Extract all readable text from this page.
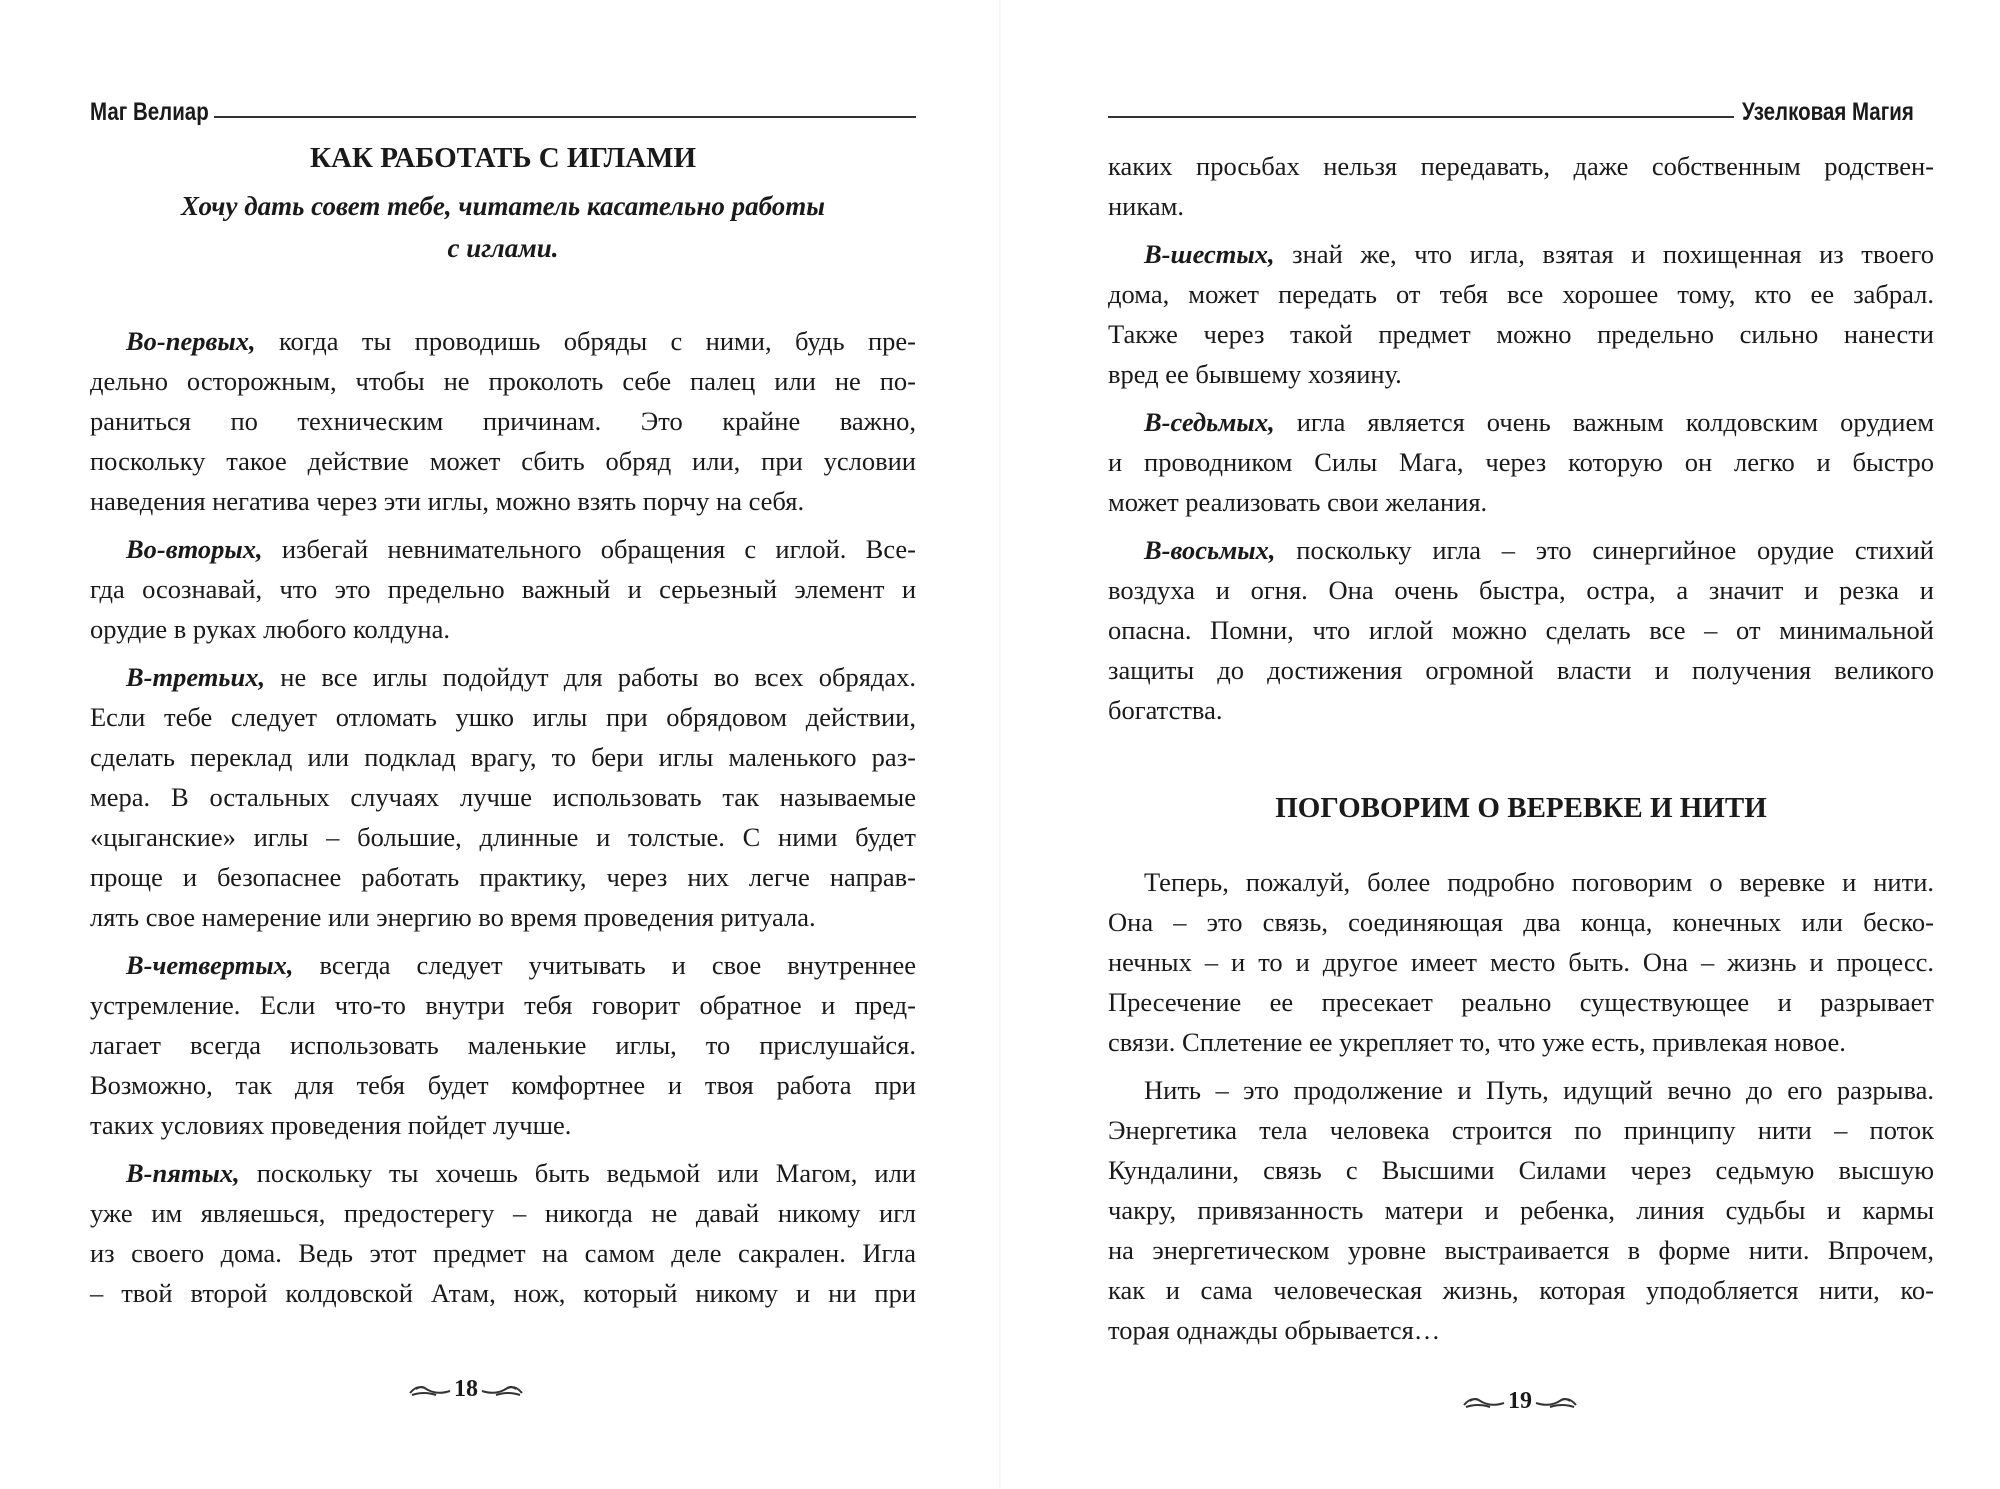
Маг Велиар	Узелковая Магия
КАК РАБОТАТЬ С ИГЛАМИ
Хочу дать совет тебе, читатель касательно работы
с иглами.
Во-первых, когда ты проводишь обряды с ними, будь пре-
дельно осторожным, чтобы не проколоть себе палец или не по-
раниться по техническим причинам. Это крайне важно,
поскольку такое действие может сбить обряд или, при условии
наведения негатива через эти иглы, можно взять порчу на себя.
Во-вторых, избегай невнимательного обращения с иглой. Все-
гда осознавай, что это предельно важный и серьезный элемент и
орудие в руках любого колдуна.
В-третьих, не все иглы подойдут для работы во всех обрядах.
Если тебе следует отломать ушко иглы при обрядовом действии,
сделать переклад или подклад врагу, то бери иглы маленького раз-
мера. В остальных случаях лучше использовать так называемые
«цыганские» иглы – большие, длинные и толстые. С ними будет
проще и безопаснее работать практику, через них легче направ-
лять свое намерение или энергию во время проведения ритуала.
В-четвертых, всегда следует учитывать и свое внутреннее
устремление. Если что-то внутри тебя говорит обратное и пред-
лагает всегда использовать маленькие иглы, то прислушайся.
Возможно, так для тебя будет комфортнее и твоя работа при
таких условиях проведения пойдет лучше.
В-пятых, поскольку ты хочешь быть ведьмой или Магом, или
уже им являешься, предостерегу – никогда не давай никому игл
из своего дома. Ведь этот предмет на самом деле сакрален. Игла
– твой второй колдовской Атам, нож, который никому и ни при
каких просьбах нельзя передавать, даже собственным родствен-
никам.
В-шестых, знай же, что игла, взятая и похищенная из твоего
дома, может передать от тебя все хорошее тому, кто ее забрал.
Также через такой предмет можно предельно сильно нанести
вред ее бывшему хозяину.
В-седьмых, игла является очень важным колдовским орудием
и проводником Силы Мага, через которую он легко и быстро
может реализовать свои желания.
В-восьмых, поскольку игла – это синергийное орудие стихий
воздуха и огня. Она очень быстра, остра, а значит и резка и
опасна. Помни, что иглой можно сделать все – от минимальной
защиты до достижения огромной власти и получения великого
богатства.
ПОГОВОРИМ О ВЕРЕВКЕ И НИТИ
Теперь, пожалуй, более подробно поговорим о веревке и нити.
Она – это связь, соединяющая два конца, конечных или беско-
нечных – и то и другое имеет место быть. Она – жизнь и процесс.
Пресечение ее пресекает реально существующее и разрывает
связи. Сплетение ее укрепляет то, что уже есть, привлекая новое.
Нить – это продолжение и Путь, идущий вечно до его разрыва.
Энергетика тела человека строится по принципу нити – поток
Кундалини, связь с Высшими Силами через седьмую высшую
чакру, привязанность матери и ребенка, линия судьбы и кармы
на энергетическом уровне выстраивается в форме нити. Впрочем,
как и сама человеческая жизнь, которая уподобляется нити, ко-
торая однажды обрывается…
18	19
